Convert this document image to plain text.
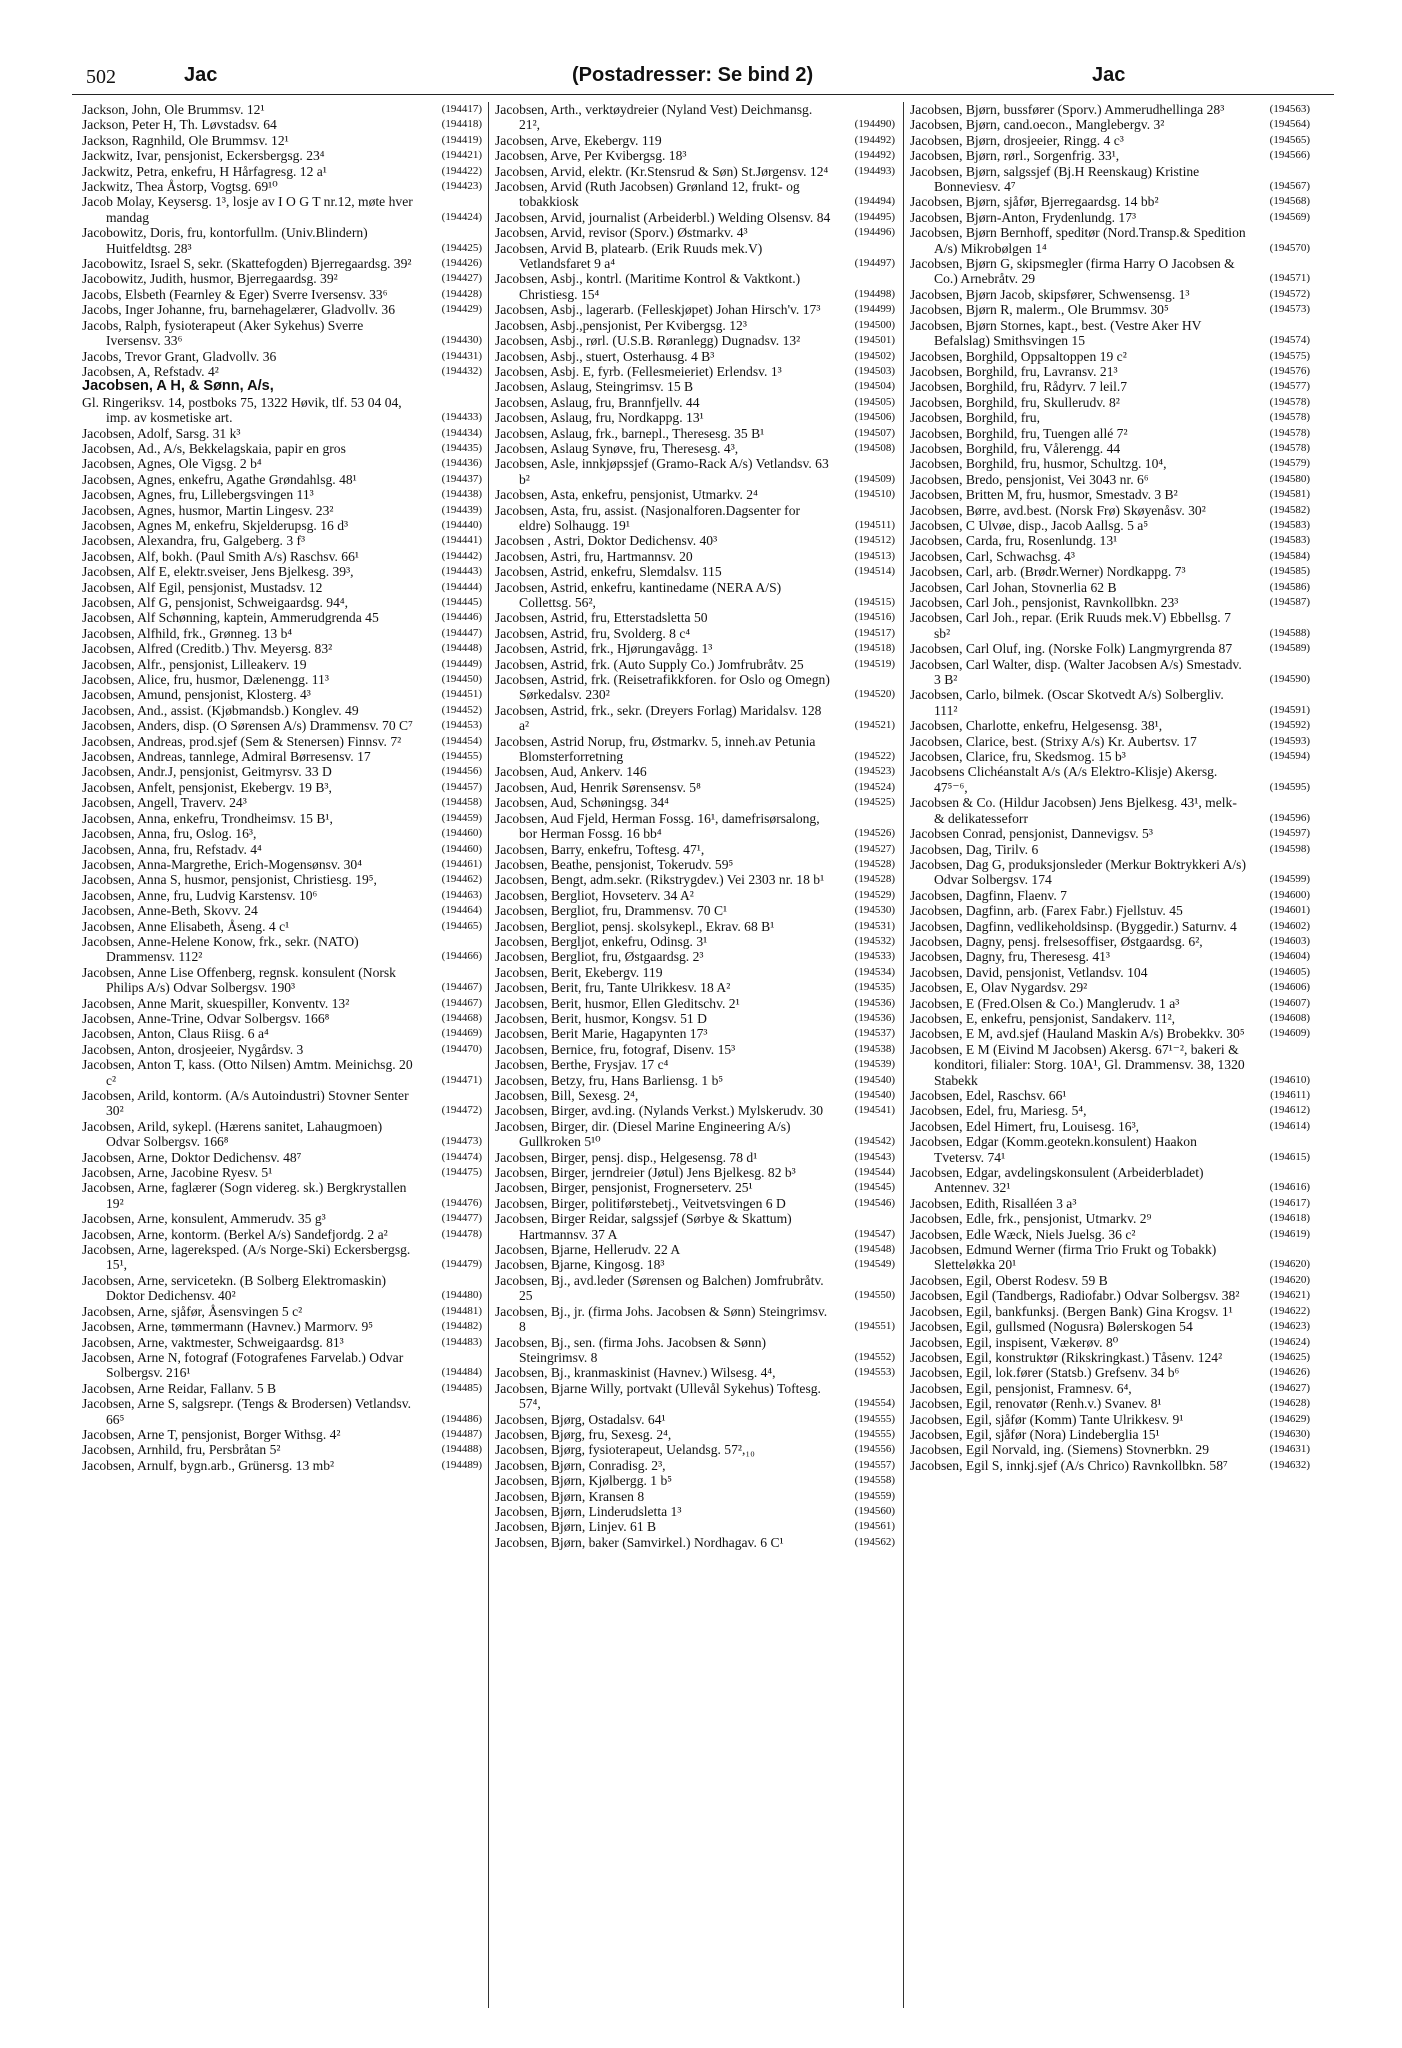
502	Jac	(Postadresser: Se bind 2)	Jac

Jackson, John, Ole Brummsv. 12¹	(194417)

Jackson, Peter H, Th. Løvstadsv. 64	(194418)

Jackson, Ragnhild, Ole Brummsv. 12¹	(194419)

Jackwitz, Ivar, pensjonist, Eckersbergsg. 23⁴	(194421)

Jackwitz, Petra, enkefru, H Hårfagresg. 12 a¹	(194422)

Jackwitz, Thea Åstorp, Vogtsg. 69¹⁰	(194423)

Jacob Molay, Keysersg. 1³, losje av I O G T nr.12, møte hver mandag	(194424)

Jacobowitz, Doris, fru, kontorfullm. (Univ.Blindern) Huitfeldtsg. 28³	(194425)

Jacobowitz, Israel S, sekr. (Skattefogden) Bjerregaardsg. 39²	(194426)

Jacobowitz, Judith, husmor, Bjerregaardsg. 39²	(194427)

Jacobs, Elsbeth (Fearnley & Eger) Sverre Iversensv. 33⁶	(194428)

Jacobs, Inger Johanne, fru, barnehagelærer, Gladvollv. 36	(194429)

Jacobs, Ralph, fysioterapeut (Aker Sykehus) Sverre Iversensv. 33⁶	(194430)

Jacobs, Trevor Grant, Gladvollv. 36	(194431)

Jacobsen, A, Refstadv. 4²	(194432)

Jacobsen, A H, & Sønn, A/s,

Gl. Ringeriksv. 14, postboks 75, 1322 Høvik, tlf. 53 04 04, imp. av kosmetiske art.	(194433)

Jacobsen, Adolf, Sarsg. 31 k³	(194434)

Jacobsen, Ad., A/s, Bekkelagskaia, papir en gros	(194435)

Jacobsen, Agnes, Ole Vigsg. 2 b⁴	(194436)

Jacobsen, Agnes, enkefru, Agathe Grøndahlsg. 48¹	(194437)

Jacobsen, Agnes, fru, Lillebergsvingen 11³	(194438)

Jacobsen, Agnes, husmor, Martin Lingesv. 23²	(194439)

Jacobsen, Agnes M, enkefru, Skjelderupsg. 16 d³	(194440)

Jacobsen, Alexandra, fru, Galgeberg. 3 f³	(194441)

Jacobsen, Alf, bokh. (Paul Smith A/s) Raschsv. 66¹	(194442)

Jacobsen, Alf E, elektr.sveiser, Jens Bjelkesg. 39³,	(194443)

Jacobsen, Alf Egil, pensjonist, Mustadsv. 12	(194444)

Jacobsen, Alf G, pensjonist, Schweigaardsg. 94⁴,	(194445)

Jacobsen, Alf Schønning, kaptein, Ammerudgrenda 45	(194446)

Jacobsen, Alfhild, frk., Grønneg. 13 b⁴	(194447)

Jacobsen, Alfred (Creditb.) Thv. Meyersg. 83²	(194448)

Jacobsen, Alfr., pensjonist, Lilleakerv. 19	(194449)

Jacobsen, Alice, fru, husmor, Dælenengg. 11³	(194450)

Jacobsen, Amund, pensjonist, Klosterg. 4³	(194451)

Jacobsen, And., assist. (Kjøbmandsb.) Konglev. 49	(194452)

Jacobsen, Anders, disp. (O Sørensen A/s) Drammensv. 70 C⁷	(194453)

Jacobsen, Andreas, prod.sjef (Sem & Stenersen) Finnsv. 7²	(194454)

Jacobsen, Andreas, tannlege, Admiral Børresensv. 17	(194455)

Jacobsen, Andr.J, pensjonist, Geitmyrsv. 33 D	(194456)

Jacobsen, Anfelt, pensjonist, Ekebergv. 19 B³,	(194457)

Jacobsen, Angell, Traverv. 24³	(194458)

Jacobsen, Anna, enkefru, Trondheimsv. 15 B¹,	(194459)

Jacobsen, Anna, fru, Oslog. 16³,	(194460)

Jacobsen, Anna, fru, Refstadv. 4⁴	(194460)

Jacobsen, Anna-Margrethe, Erich-Mogensønsv. 30⁴	(194461)

Jacobsen, Anna S, husmor, pensjonist, Christiesg. 19⁵,	(194462)

Jacobsen, Anne, fru, Ludvig Karstensv. 10⁶	(194463)

Jacobsen, Anne-Beth, Skovv. 24	(194464)

Jacobsen, Anne Elisabeth, Åseng. 4 c¹	(194465)

Jacobsen, Anne-Helene Konow, frk., sekr. (NATO) Drammensv. 112²	(194466)

Jacobsen, Anne Lise Offenberg, regnsk. konsulent (Norsk Philips A/s) Odvar Solbergsv. 190³	(194467)

Jacobsen, Anne Marit, skuespiller, Konventv. 13²	(194467)

Jacobsen, Anne-Trine, Odvar Solbergsv. 166⁸	(194468)

Jacobsen, Anton, Claus Riisg. 6 a⁴	(194469)

Jacobsen, Anton, drosjeeier, Nygårdsv. 3	(194470)

Jacobsen, Anton T, kass. (Otto Nilsen) Amtm. Meinichsg. 20 c²	(194471)

Jacobsen, Arild, kontorm. (A/s Autoindustri) Stovner Senter 30²	(194472)

Jacobsen, Arild, sykepl. (Hærens sanitet, Lahaugmoen) Odvar Solbergsv. 166⁸	(194473)

Jacobsen, Arne, Doktor Dedichensv. 48⁷	(194474)

Jacobsen, Arne, Jacobine Ryesv. 5¹	(194475)

Jacobsen, Arne, faglærer (Sogn videreg. sk.) Bergkrystallen 19²	(194476)

Jacobsen, Arne, konsulent, Ammerudv. 35 g³	(194477)

Jacobsen, Arne, kontorm. (Berkel A/s) Sandefjordg. 2 a²	(194478)

Jacobsen, Arne, lagereksped. (A/s Norge-Ski) Eckersbergsg. 15¹,	(194479)

Jacobsen, Arne, servicetekn. (B Solberg Elektromaskin) Doktor Dedichensv. 40²	(194480)

Jacobsen, Arne, sjåfør, Åsensvingen 5 c²	(194481)

Jacobsen, Arne, tømmermann (Havnev.) Marmorv. 9⁵	(194482)

Jacobsen, Arne, vaktmester, Schweigaardsg. 81³	(194483)

Jacobsen, Arne N, fotograf (Fotografenes Farvelab.) Odvar Solbergsv. 216¹	(194484)

Jacobsen, Arne Reidar, Fallanv. 5 B	(194485)

Jacobsen, Arne S, salgsrepr. (Tengs & Brodersen) Vetlandsv. 66⁵	(194486)

Jacobsen, Arne T, pensjonist, Borger Withsg. 4²	(194487)

Jacobsen, Arnhild, fru, Persbråtan 5²	(194488)

Jacobsen, Arnulf, bygn.arb., Grünersg. 13 mb²	(194489)

Jacobsen, Arth., verktøydreier (Nyland Vest) Deichmansg. 21²,	(194490)

Jacobsen, Arve, Ekebergv. 119	(194492)

Jacobsen, Arve, Per Kvibergsg. 18³	(194492)

Jacobsen, Arvid, elektr. (Kr.Stensrud & Søn) St.Jørgensv. 12⁴ (194493)

Jacobsen, Arvid (Ruth Jacobsen) Grønland 12, frukt- og tobakkiosk	(194494)

Jacobsen, Arvid, journalist (Arbeiderbl.) Welding Olsensv. 84 (194495)

Jacobsen, Arvid, revisor (Sporv.) Østmarkv. 4³	(194496)

Jacobsen, Arvid B, platearb. (Erik Ruuds mek.V) Vetlandsfaret 9 a⁴	(194497)

Jacobsen, Asbj., kontrl. (Maritime Kontrol & Vaktkont.) Christiesg. 15⁴	(194498)

Jacobsen, Asbj., lagerarb. (Felleskjøpet) Johan Hirsch'v. 17³	(194499)

Jacobsen, Asbj.,pensjonist, Per Kvibergsg. 12³	(194500)

Jacobsen, Asbj., rørl. (U.S.B. Røranlegg) Dugnadsv. 13²	(194501)

Jacobsen, Asbj., stuert, Osterhausg. 4 B³	(194502)

Jacobsen, Asbj. E, fyrb. (Fellesmeieriet) Erlendsv. 1³	(194503)

Jacobsen, Aslaug, Steingrimsv. 15 B	(194504)

Jacobsen, Aslaug, fru, Brannfjellv. 44	(194505)

Jacobsen, Aslaug, fru, Nordkappg. 13¹	(194506)

Jacobsen, Aslaug, frk., barnepl., Theresesg. 35 B¹	(194507)

Jacobsen, Aslaug Synøve, fru, Theresesg. 4³,	(194508)

Jacobsen, Asle, innkjøpssjef (Gramo-Rack A/s) Vetlandsv. 63 b²	(194509)

Jacobsen, Asta, enkefru, pensjonist, Utmarkv. 2⁴	(194510)

Jacobsen, Asta, fru, assist. (Nasjonalforen.Dagsenter for eldre) Solhaugg. 19¹	(194511)

Jacobsen , Astri, Doktor Dedichensv. 40³	(194512)

Jacobsen, Astri, fru, Hartmannsv. 20	(194513)

Jacobsen, Astrid, enkefru, Slemdalsv. 115	(194514)

Jacobsen, Astrid, enkefru, kantinedame (NERA A/S) Collettsg. 56²,	(194515)

Jacobsen, Astrid, fru, Etterstadsletta 50	(194516)

Jacobsen, Astrid, fru, Svolderg. 8 c⁴	(194517)

Jacobsen, Astrid, frk., Hjørungavågg. 1³	(194518)

Jacobsen, Astrid, frk. (Auto Supply Co.) Jomfrubråtv. 25	(194519)

Jacobsen, Astrid, frk. (Reisetrafikkforen. for Oslo og Omegn) Sørkedalsv. 230²	(194520)

Jacobsen, Astrid, frk., sekr. (Dreyers Forlag) Maridalsv. 128 a²	(194521)

Jacobsen, Astrid Norup, fru, Østmarkv. 5, inneh.av Petunia Blomsterforretning	(194522)

Jacobsen, Aud, Ankerv. 146	(194523)

Jacobsen, Aud, Henrik Sørensensv. 5⁸	(194524)

Jacobsen, Aud, Schøningsg. 34⁴	(194525)

Jacobsen, Aud Fjeld, Herman Fossg. 16¹, damefrisørsalong, bor Herman Fossg. 16 bb⁴	(194526)

Jacobsen, Barry, enkefru, Toftesg. 47¹,	(194527)

Jacobsen, Beathe, pensjonist, Tokerudv. 59⁵	(194528)

Jacobsen, Bengt, adm.sekr. (Rikstrygdev.) Vei 2303 nr. 18 b¹	(194528)

Jacobsen, Bergliot, Hovseterv. 34 A²	(194529)

Jacobsen, Bergliot, fru, Drammensv. 70 C¹	(194530)

Jacobsen, Bergliot, pensj. skolsykepl., Ekrav. 68 B¹	(194531)

Jacobsen, Bergljot, enkefru, Odinsg. 3¹	(194532)

Jacobsen, Bergliot, fru, Østgaardsg. 2³	(194533)

Jacobsen, Berit, Ekebergv. 119	(194534)

Jacobsen, Berit, fru, Tante Ulrikkesv. 18 A²	(194535)

Jacobsen, Berit, husmor, Ellen Gleditschv. 2¹	(194536)

Jacobsen, Berit, husmor, Kongsv. 51 D	(194536)

Jacobsen, Berit Marie, Hagapynten 17³	(194537)

Jacobsen, Bernice, fru, fotograf, Disenv. 15³	(194538)

Jacobsen, Berthe, Frysjav. 17 c⁴	(194539)

Jacobsen, Betzy, fru, Hans Barliensg. 1 b⁵	(194540)

Jacobsen, Bill, Sexesg. 2⁴,	(194540)

Jacobsen, Birger, avd.ing. (Nylands Verkst.) Mylskerudv. 30	(194541)

Jacobsen, Birger, dir. (Diesel Marine Engineering A/s) Gullkroken 5¹⁰	(194542)

Jacobsen, Birger, pensj. disp., Helgesensg. 78 d¹	(194543)

Jacobsen, Birger, jerndreier (Jøtul) Jens Bjelkesg. 82 b³	(194544)

Jacobsen, Birger, pensjonist, Frognerseterv. 25¹	(194545)

Jacobsen, Birger, politiførstebetj., Veitvetsvingen 6 D	(194546)

Jacobsen, Birger Reidar, salgssjef (Sørbye & Skattum) Hartmannsv. 37 A	(194547)

Jacobsen, Bjarne, Hellerudv. 22 A	(194548)

Jacobsen, Bjarne, Kingosg. 18³	(194549)

Jacobsen, Bj., avd.leder (Sørensen og Balchen) Jomfrubråtv. 25	(194550)

Jacobsen, Bj., jr. (firma Johs. Jacobsen & Sønn) Steingrimsv. 8	(194551)

Jacobsen, Bj., sen. (firma Johs. Jacobsen & Sønn) Steingrimsv. 8	(194552)

Jacobsen, Bj., kranmaskinist (Havnev.) Wilsesg. 4⁴,	(194553)

Jacobsen, Bjarne Willy, portvakt (Ullevål Sykehus) Toftesg. 57⁴,	(194554)

Jacobsen, Bjørg, Ostadalsv. 64¹	(194555)

Jacobsen, Bjørg, fru, Sexesg. 2⁴,	(194555)

Jacobsen, Bjørg, fysioterapeut, Uelandsg. 57²,₁₀	(194556)

Jacobsen, Bjørn, Conradisg. 2³,	(194557)

Jacobsen, Bjørn, Kjølbergg. 1 b⁵	(194558)

Jacobsen, Bjørn, Kransen 8	(194559)

Jacobsen, Bjørn, Linderudsletta 1³	(194560)

Jacobsen, Bjørn, Linjev. 61 B	(194561)

Jacobsen, Bjørn, baker (Samvirkel.) Nordhagav. 6 C¹	(194562)

Jacobsen, Bjørn, bussfører (Sporv.) Ammerudhellinga 28³	(194563)

Jacobsen, Bjørn, cand.oecon., Manglebergv. 3²	(194564)

Jacobsen, Bjørn, drosjeeier, Ringg. 4 c³	(194565)

Jacobsen, Bjørn, rørl., Sorgenfrig. 33¹,	(194566)

Jacobsen, Bjørn, salgssjef (Bj.H Reenskaug) Kristine Bonneviesv. 4⁷	(194567)

Jacobsen, Bjørn, sjåfør, Bjerregaardsg. 14 bb²	(194568)

Jacobsen, Bjørn-Anton, Frydenlundg. 17³	(194569)

Jacobsen, Bjørn Bernhoff, speditør (Nord.Transp.& Spedition A/s) Mikrobølgen 1⁴	(194570)

Jacobsen, Bjørn G, skipsmegler (firma Harry O Jacobsen & Co.) Arnebråtv. 29	(194571)

Jacobsen, Bjørn Jacob, skipsfører, Schwensensg. 1³	(194572)

Jacobsen, Bjørn R, malerm., Ole Brummsv. 30⁵	(194573)

Jacobsen, Bjørn Stornes, kapt., best. (Vestre Aker HV Befalslag) Smithsvingen 15	(194574)

Jacobsen, Borghild, Oppsaltoppen 19 c²	(194575)

Jacobsen, Borghild, fru, Lavransv. 21³	(194576)

Jacobsen, Borghild, fru, Rådyrv. 7 leil.7	(194577)

Jacobsen, Borghild, fru, Skullerudv. 8²	(194578)

Jacobsen, Borghild, fru,	(194578)

Jacobsen, Borghild, fru, Tuengen allé 7²	(194578)

Jacobsen, Borghild, fru, Vålerengg. 44	(194578)

Jacobsen, Borghild, fru, husmor, Schultzg. 10⁴,	(194579)

Jacobsen, Bredo, pensjonist, Vei 3043 nr. 6⁶	(194580)

Jacobsen, Britten M, fru, husmor, Smestadv. 3 B²	(194581)

Jacobsen, Børre, avd.best. (Norsk Frø) Skøyenåsv. 30²	(194582)

Jacobsen, C Ulvøe, disp., Jacob Aallsg. 5 a⁵	(194583)

Jacobsen, Carda, fru, Rosenlundg. 13¹	(194583)

Jacobsen, Carl, Schwachsg. 4³	(194584)

Jacobsen, Carl, arb. (Brødr.Werner) Nordkappg. 7³	(194585)

Jacobsen, Carl Johan, Stovnerlia 62 B	(194586)

Jacobsen, Carl Joh., pensjonist, Ravnkollbkn. 23³	(194587)

Jacobsen, Carl Joh., repar. (Erik Ruuds mek.V) Ebbellsg. 7 sb²	(194588)

Jacobsen, Carl Oluf, ing. (Norske Folk) Langmyrgrenda 87	(194589)

Jacobsen, Carl Walter, disp. (Walter Jacobsen A/s) Smestadv. 3 B²	(194590)

Jacobsen, Carlo, bilmek. (Oscar Skotvedt A/s) Solbergliv. 111²	(194591)

Jacobsen, Charlotte, enkefru, Helgesensg. 38¹,	(194592)

Jacobsen, Clarice, best. (Strixy A/s) Kr. Aubertsv. 17	(194593)

Jacobsen, Clarice, fru, Skedsmog. 15 b³	(194594)

Jacobsens Clichéanstalt A/s (A/s Elektro-Klisje) Akersg. 47⁵⁻⁶,	(194595)

Jacobsen & Co. (Hildur Jacobsen) Jens Bjelkesg. 43¹, melk- & delikatesseforr	(194596)

Jacobsen Conrad, pensjonist, Dannevigsv. 5³	(194597)

Jacobsen, Dag, Tirilv. 6	(194598)

Jacobsen, Dag G, produksjonsleder (Merkur Boktrykkeri A/s) Odvar Solbergsv. 174	(194599)

Jacobsen, Dagfinn, Flaenv. 7	(194600)

Jacobsen, Dagfinn, arb. (Farex Fabr.) Fjellstuv. 45	(194601)

Jacobsen, Dagfinn, vedlikeholdsinsp. (Byggedir.) Saturnv. 4	(194602)

Jacobsen, Dagny, pensj. frelsesoffiser, Østgaardsg. 6²,	(194603)

Jacobsen, Dagny, fru, Theresesg. 41³	(194604)

Jacobsen, David, pensjonist, Vetlandsv. 104	(194605)

Jacobsen, E, Olav Nygardsv. 29²	(194606)

Jacobsen, E (Fred.Olsen & Co.) Manglerudv. 1 a³	(194607)

Jacobsen, E, enkefru, pensjonist, Sandakerv. 11²,	(194608)

Jacobsen, E M, avd.sjef (Hauland Maskin A/s) Brobekkv. 30⁵ (194609)

Jacobsen, E M (Eivind M Jacobsen) Akersg. 67¹⁻², bakeri & konditori, filialer: Storg. 10A¹, Gl. Drammensv. 38, 1320 Stabekk	(194610)

Jacobsen, Edel, Raschsv. 66¹	(194611)

Jacobsen, Edel, fru, Mariesg. 5⁴,	(194612)

Jacobsen, Edel Himert, fru, Louisesg. 16³,	(194614)

Jacobsen, Edgar (Komm.geotekn.konsulent) Haakon Tvetersv. 74¹	(194615)

Jacobsen, Edgar, avdelingskonsulent (Arbeiderbladet) Antennev. 32¹	(194616)

Jacobsen, Edith, Risalléen 3 a³	(194617)

Jacobsen, Edle, frk., pensjonist, Utmarkv. 2⁹	(194618)

Jacobsen, Edle Wæck, Niels Juelsg. 36 c²	(194619)

Jacobsen, Edmund Werner (firma Trio Frukt og Tobakk) Sletteløkka 20¹	(194620)

Jacobsen, Egil, Oberst Rodesv. 59 B	(194620)

Jacobsen, Egil (Tandbergs, Radiofabr.) Odvar Solbergsv. 38²	(194621)

Jacobsen, Egil, bankfunksj. (Bergen Bank) Gina Krogsv. 1¹	(194622)

Jacobsen, Egil, gullsmed (Nogusra) Bølerskogen 54	(194623)

Jacobsen, Egil, inspisent, Vækerøv. 8⁰	(194624)

Jacobsen, Egil, konstruktør (Rikskringkast.) Tåsenv. 124²	(194625)

Jacobsen, Egil, lok.fører (Statsb.) Grefsenv. 34 b⁶	(194626)

Jacobsen, Egil, pensjonist, Framnesv. 6⁴,	(194627)

Jacobsen, Egil, renovatør (Renh.v.) Svanev. 8¹	(194628)

Jacobsen, Egil, sjåfør (Komm) Tante Ulrikkesv. 9¹	(194629)

Jacobsen, Egil, sjåfør (Nora) Lindeberglia 15¹	(194630)

Jacobsen, Egil Norvald, ing. (Siemens) Stovnerbkn. 29	(194631)

Jacobsen, Egil S, innkj.sjef (A/s Chrico) Ravnkollbkn. 58⁷	(194632)
